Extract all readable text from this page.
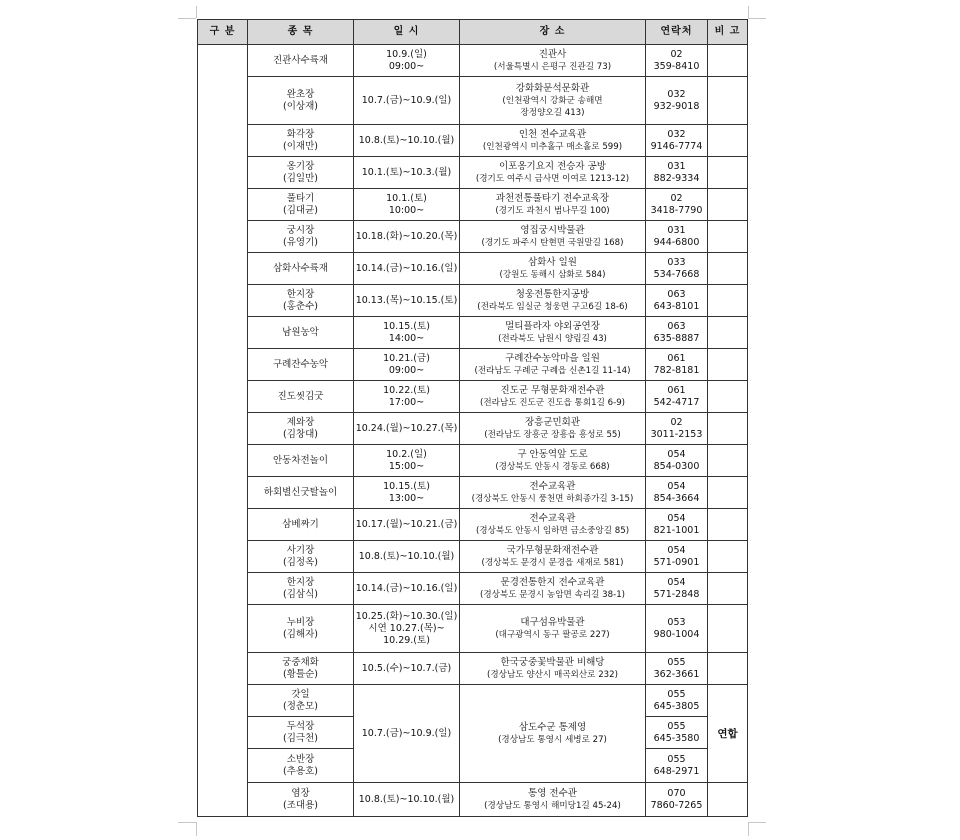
구 분	종 목	일 시	장 소	연락처	비 고

	진관사수륙재	10.9.(일)
09:00~	진관사
(서울특별시 은평구 진관길 73)	02
359-8410	

	완초장
(이상재)	10.7.(금)~10.9.(일)	강화화문석문화관
(인천광역시 강화군 송해면
장정양오길 413)	032
932-9018	

	화각장
(이재만)	10.8.(토)~10.10.(월)	인천 전수교육관
(인천광역시 미추홀구 매소홀로 599)	032
9146-7774	

	옹기장
(김일만)	10.1.(토)~10.3.(월)	이포옹기요지 전승자 공방
(경기도 여주시 금사면 이여로 1213-12)	031
882-9334	

	풀타기
(김대균)	10.1.(토)
10:00~	과천전통풀타기 전수교육장
(경기도 과천시 범나무길 100)	02
3418-7790	

	궁시장
(유영기)	10.18.(화)~10.20.(목)	영집궁시박물관
(경기도 파주시 탄현면 국원말길 168)	031
944-6800	

	삼화사수륙재	10.14.(금)~10.16.(일)	삼화사 일원
(강원도 동해시 삼화로 584)	033
534-7668	

	한지장
(홍춘수)	10.13.(목)~10.15.(토)	청웅전통한지공방
(전라북도 임실군 청웅면 구고6길 18-6)	063
643-8101	

	남원농악	10.15.(토)
14:00~	멀티플라자 야외공연장
(전라북도 남원시 양림길 43)	063
635-8887	

	구례잔수농악	10.21.(금)
09:00~	구례잔수농악마을 일원
(전라남도 구례군 구례읍 신촌1길 11-14)	061
782-8181	

	진도씻김굿	10.22.(토)
17:00~	진도군 무형문화재전수관
(전라남도 진도군 진도읍 통회1길 6-9)	061
542-4717	

	제와장
(김창대)	10.24.(월)~10.27.(목)	장흥군민회관
(전라남도 장흥군 장흥읍 흥성로 55)	02
3011-2153	

	안동차전놀이	10.2.(일)
15:00~	구 안동역앞 도로
(경상북도 안동시 경동로 668)	054
854-0300	

	하회별신굿탈놀이	10.15.(토)
13:00~	전수교육관
(경상북도 안동시 풍천면 하회종가길 3-15)	054
854-3664	

	삼베짜기	10.17.(월)~10.21.(금)	전수교육관
(경상북도 안동시 임하면 금소중앙길 85)	054
821-1001	

	사기장
(김정옥)	10.8.(토)~10.10.(월)	국가무형문화재전수관
(경상북도 문경시 문경읍 새재로 581)	054
571-0901	

	한지장
(김삼식)	10.14.(금)~10.16.(일)	문경전통한지 전수교육관
(경상북도 문경시 농암면 속리길 38-1)	054
571-2848	

	누비장
(김해자)	10.25.(화)~10.30.(일)
시연 10.27.(목)~
10.29.(토)	대구섬유박물관
(대구광역시 동구 팔공로 227)	053
980-1004	

	궁중채화
(황틀순)	10.5.(수)~10.7.(금)	한국궁중꽃박물관 비해당
(경상남도 양산시 매곡외산로 232)	055
362-3661	

	갓일
(정춘모)	10.7.(금)~10.9.(일)	삼도수군 통제영
(경상남도 통영시 세병로 27)	055
645-3805	연합

	두석장
(김극천)			055
645-3580	

	소반장
(추용호)			055
648-2971	

	염장
(조대용)	10.8.(토)~10.10.(월)	통영 전수관
(경상남도 통영시 해미당1길 45-24)	070
7860-7265	
